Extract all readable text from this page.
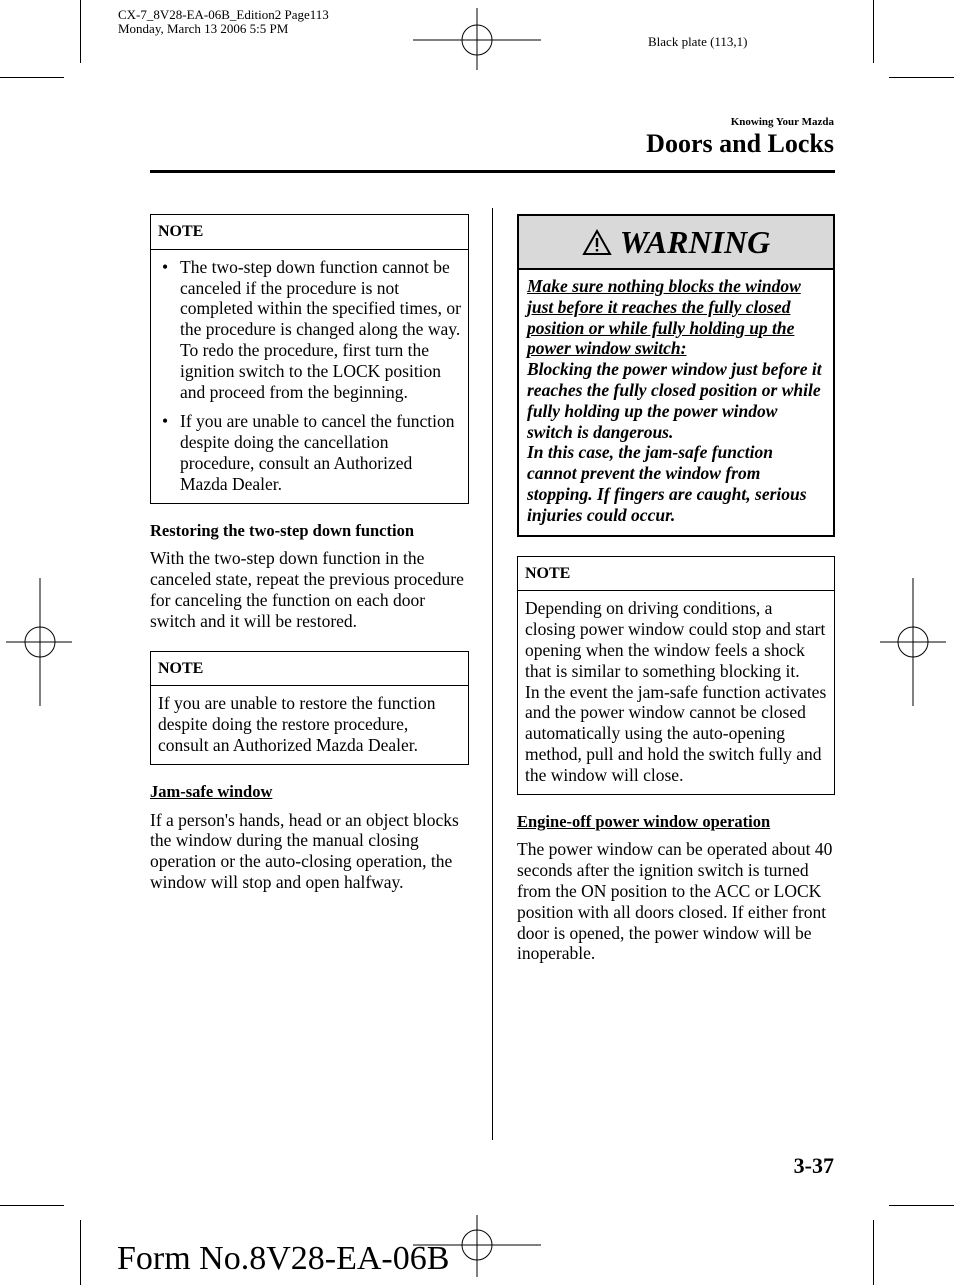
CX-7_8V28-EA-06B_Edition2 Page113
Monday, March 13 2006 5:5 PM
Black plate (113,1)
Knowing Your Mazda
Doors and Locks
NOTE
• The two-step down function cannot be canceled if the procedure is not completed within the specified times, or the procedure is changed along the way. To redo the procedure, first turn the ignition switch to the LOCK position and proceed from the beginning.
• If you are unable to cancel the function despite doing the cancellation procedure, consult an Authorized Mazda Dealer.
Restoring the two-step down function

With the two-step down function in the canceled state, repeat the previous procedure for canceling the function on each door switch and it will be restored.

NOTE
If you are unable to restore the function despite doing the restore procedure, consult an Authorized Mazda Dealer.
Jam-safe window

If a person's hands, head or an object blocks the window during the manual closing operation or the auto-closing operation, the window will stop and open halfway.

WARNING
Make sure nothing blocks the window just before it reaches the fully closed position or while fully holding up the power window switch:
Blocking the power window just before it reaches the fully closed position or while fully holding up the power window switch is dangerous.
In this case, the jam-safe function cannot prevent the window from stopping. If fingers are caught, serious injuries could occur.
NOTE
Depending on driving conditions, a closing power window could stop and start opening when the window feels a shock that is similar to something blocking it.
In the event the jam-safe function activates and the power window cannot be closed automatically using the auto-opening method, pull and hold the switch fully and the window will close.
Engine-off power window operation

The power window can be operated about 40 seconds after the ignition switch is turned from the ON position to the ACC or LOCK position with all doors closed. If either front door is opened, the power window will be inoperable.

3-37
Form No.8V28-EA-06B
